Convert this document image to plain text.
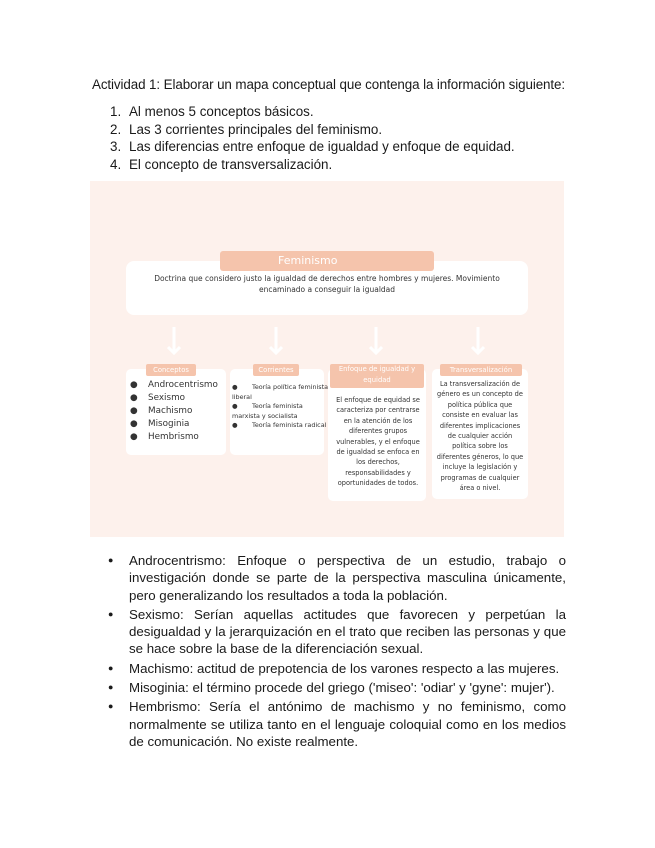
Actividad 1: Elaborar un mapa conceptual que contenga la información siguiente:
1. Al menos 5 conceptos básicos.
2. Las 3 corrientes principales del feminismo.
3. Las diferencias entre enfoque de igualdad y enfoque de equidad.
4. El concepto de transversalización.
Feminismo
Doctrina que considero justo la igualdad de derechos entre hombres y mujeres. Movimiento
encaminado a conseguir la igualdad
Conceptos
● Androcentrismo
● Sexismo
● Machismo
● Misoginia
● Hembrismo
Corrientes
● Teoría política feminista liberal
● Teoría feminista marxista y socialista
● Teoría feminista radical
Enfoque de igualdad y equidad
El enfoque de equidad se caracteriza por centrarse en la atención de los diferentes grupos vulnerables, y el enfoque de igualdad se enfoca en los derechos, responsabilidades y oportunidades de todos.
Transversalización
La transversalización de género es un concepto de política pública que consiste en evaluar las diferentes implicaciones de cualquier acción política sobre los diferentes géneros, lo que incluye la legislación y programas de cualquier área o nivel.
● Androcentrismo: Enfoque o perspectiva de un estudio, trabajo o investigación donde se parte de la perspectiva masculina únicamente, pero generalizando los resultados a toda la población.
● Sexismo: Serían aquellas actitudes que favorecen y perpetúan la desigualdad y la jerarquización en el trato que reciben las personas y que se hace sobre la base de la diferenciación sexual.
● Machismo: actitud de prepotencia de los varones respecto a las mujeres.
● Misoginia: el término procede del griego ('miseo': 'odiar' y 'gyne': mujer').
● Hembrismo: Sería el antónimo de machismo y no feminismo, como normalmente se utiliza tanto en el lenguaje coloquial como en los medios de comunicación. No existe realmente.
